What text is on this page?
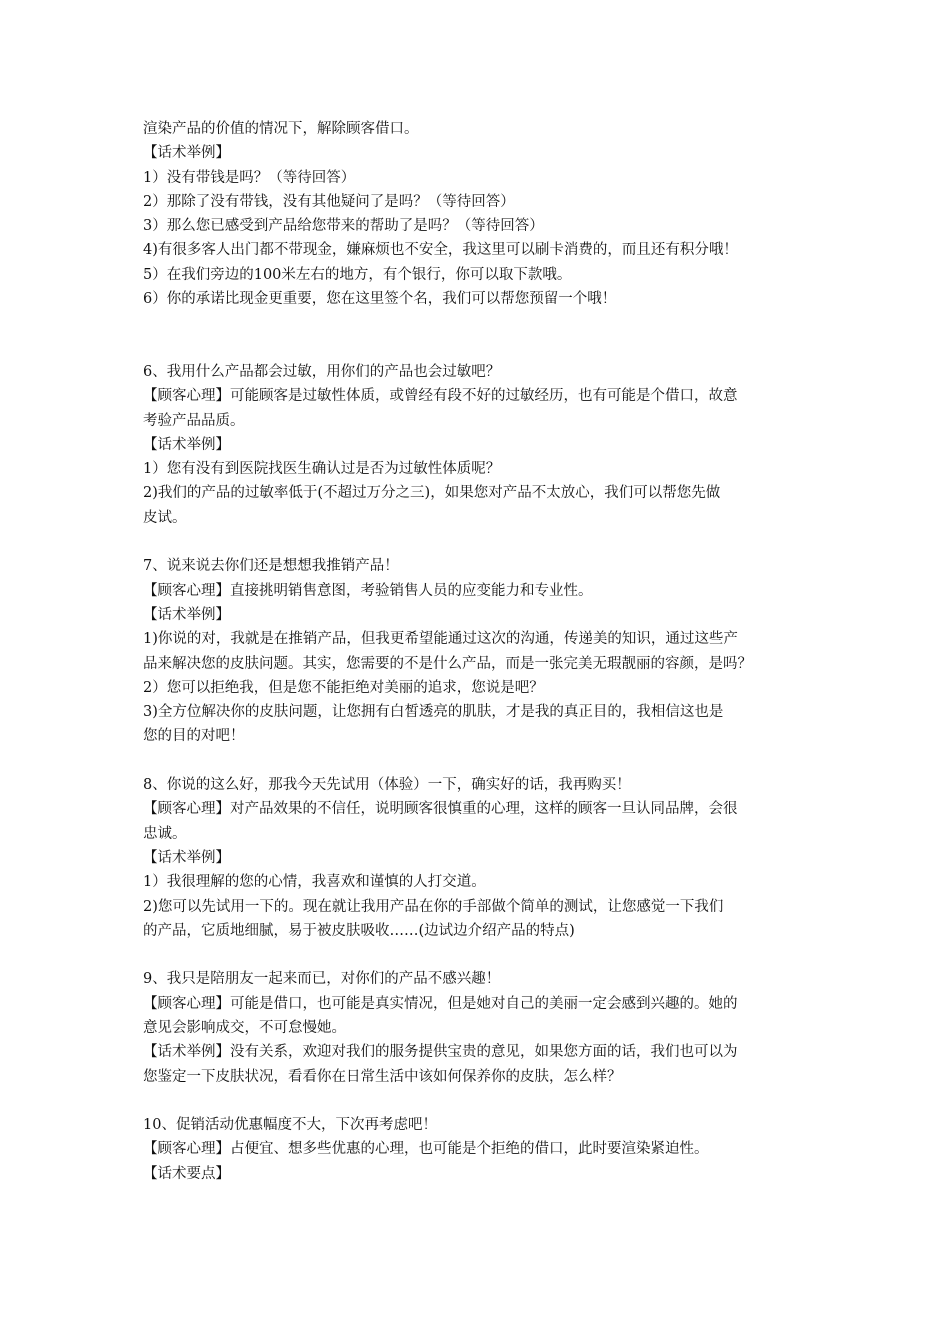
渲染产品的价值的情况下，解除顾客借口。
【话术举例】
1）没有带钱是吗？（等待回答）
2）那除了没有带钱，没有其他疑问了是吗？（等待回答）
3）那么您已感受到产品给您带来的帮助了是吗？（等待回答）
4)有很多客人出门都不带现金，嫌麻烦也不安全，我这里可以刷卡消费的，而且还有积分哦！
5）在我们旁边的100米左右的地方，有个银行，你可以取下款哦。
6）你的承诺比现金更重要，您在这里签个名，我们可以帮您预留一个哦！
6、我用什么产品都会过敏，用你们的产品也会过敏吧？
【顾客心理】可能顾客是过敏性体质，或曾经有段不好的过敏经历，也有可能是个借口，故意
考验产品品质。
【话术举例】
1）您有没有到医院找医生确认过是否为过敏性体质呢？
2)我们的产品的过敏率低于(不超过万分之三)，如果您对产品不太放心，我们可以帮您先做
皮试。
7、说来说去你们还是想想我推销产品！
【顾客心理】直接挑明销售意图，考验销售人员的应变能力和专业性。
【话术举例】
1)你说的对，我就是在推销产品，但我更希望能通过这次的沟通，传递美的知识，通过这些产
品来解决您的皮肤问题。其实，您需要的不是什么产品，而是一张完美无瑕靓丽的容颜，是吗？
2）您可以拒绝我，但是您不能拒绝对美丽的追求，您说是吧？
3)全方位解决你的皮肤问题，让您拥有白皙透亮的肌肤，才是我的真正目的，我相信这也是
您的目的对吧！
8、你说的这么好，那我今天先试用（体验）一下，确实好的话，我再购买！
【顾客心理】对产品效果的不信任，说明顾客很慎重的心理，这样的顾客一旦认同品牌，会很
忠诚。
【话术举例】
1）我很理解的您的心情，我喜欢和谨慎的人打交道。
2)您可以先试用一下的。现在就让我用产品在你的手部做个简单的测试，让您感觉一下我们
的产品，它质地细腻，易于被皮肤吸收……(边试边介绍产品的特点)
9、我只是陪朋友一起来而已，对你们的产品不感兴趣！
【顾客心理】可能是借口，也可能是真实情况，但是她对自己的美丽一定会感到兴趣的。她的
意见会影响成交，不可怠慢她。
【话术举例】没有关系，欢迎对我们的服务提供宝贵的意见，如果您方面的话，我们也可以为
您鉴定一下皮肤状况，看看你在日常生活中该如何保养你的皮肤，怎么样？
10、促销活动优惠幅度不大，下次再考虑吧！
【顾客心理】占便宜、想多些优惠的心理，也可能是个拒绝的借口，此时要渲染紧迫性。
【话术要点】
